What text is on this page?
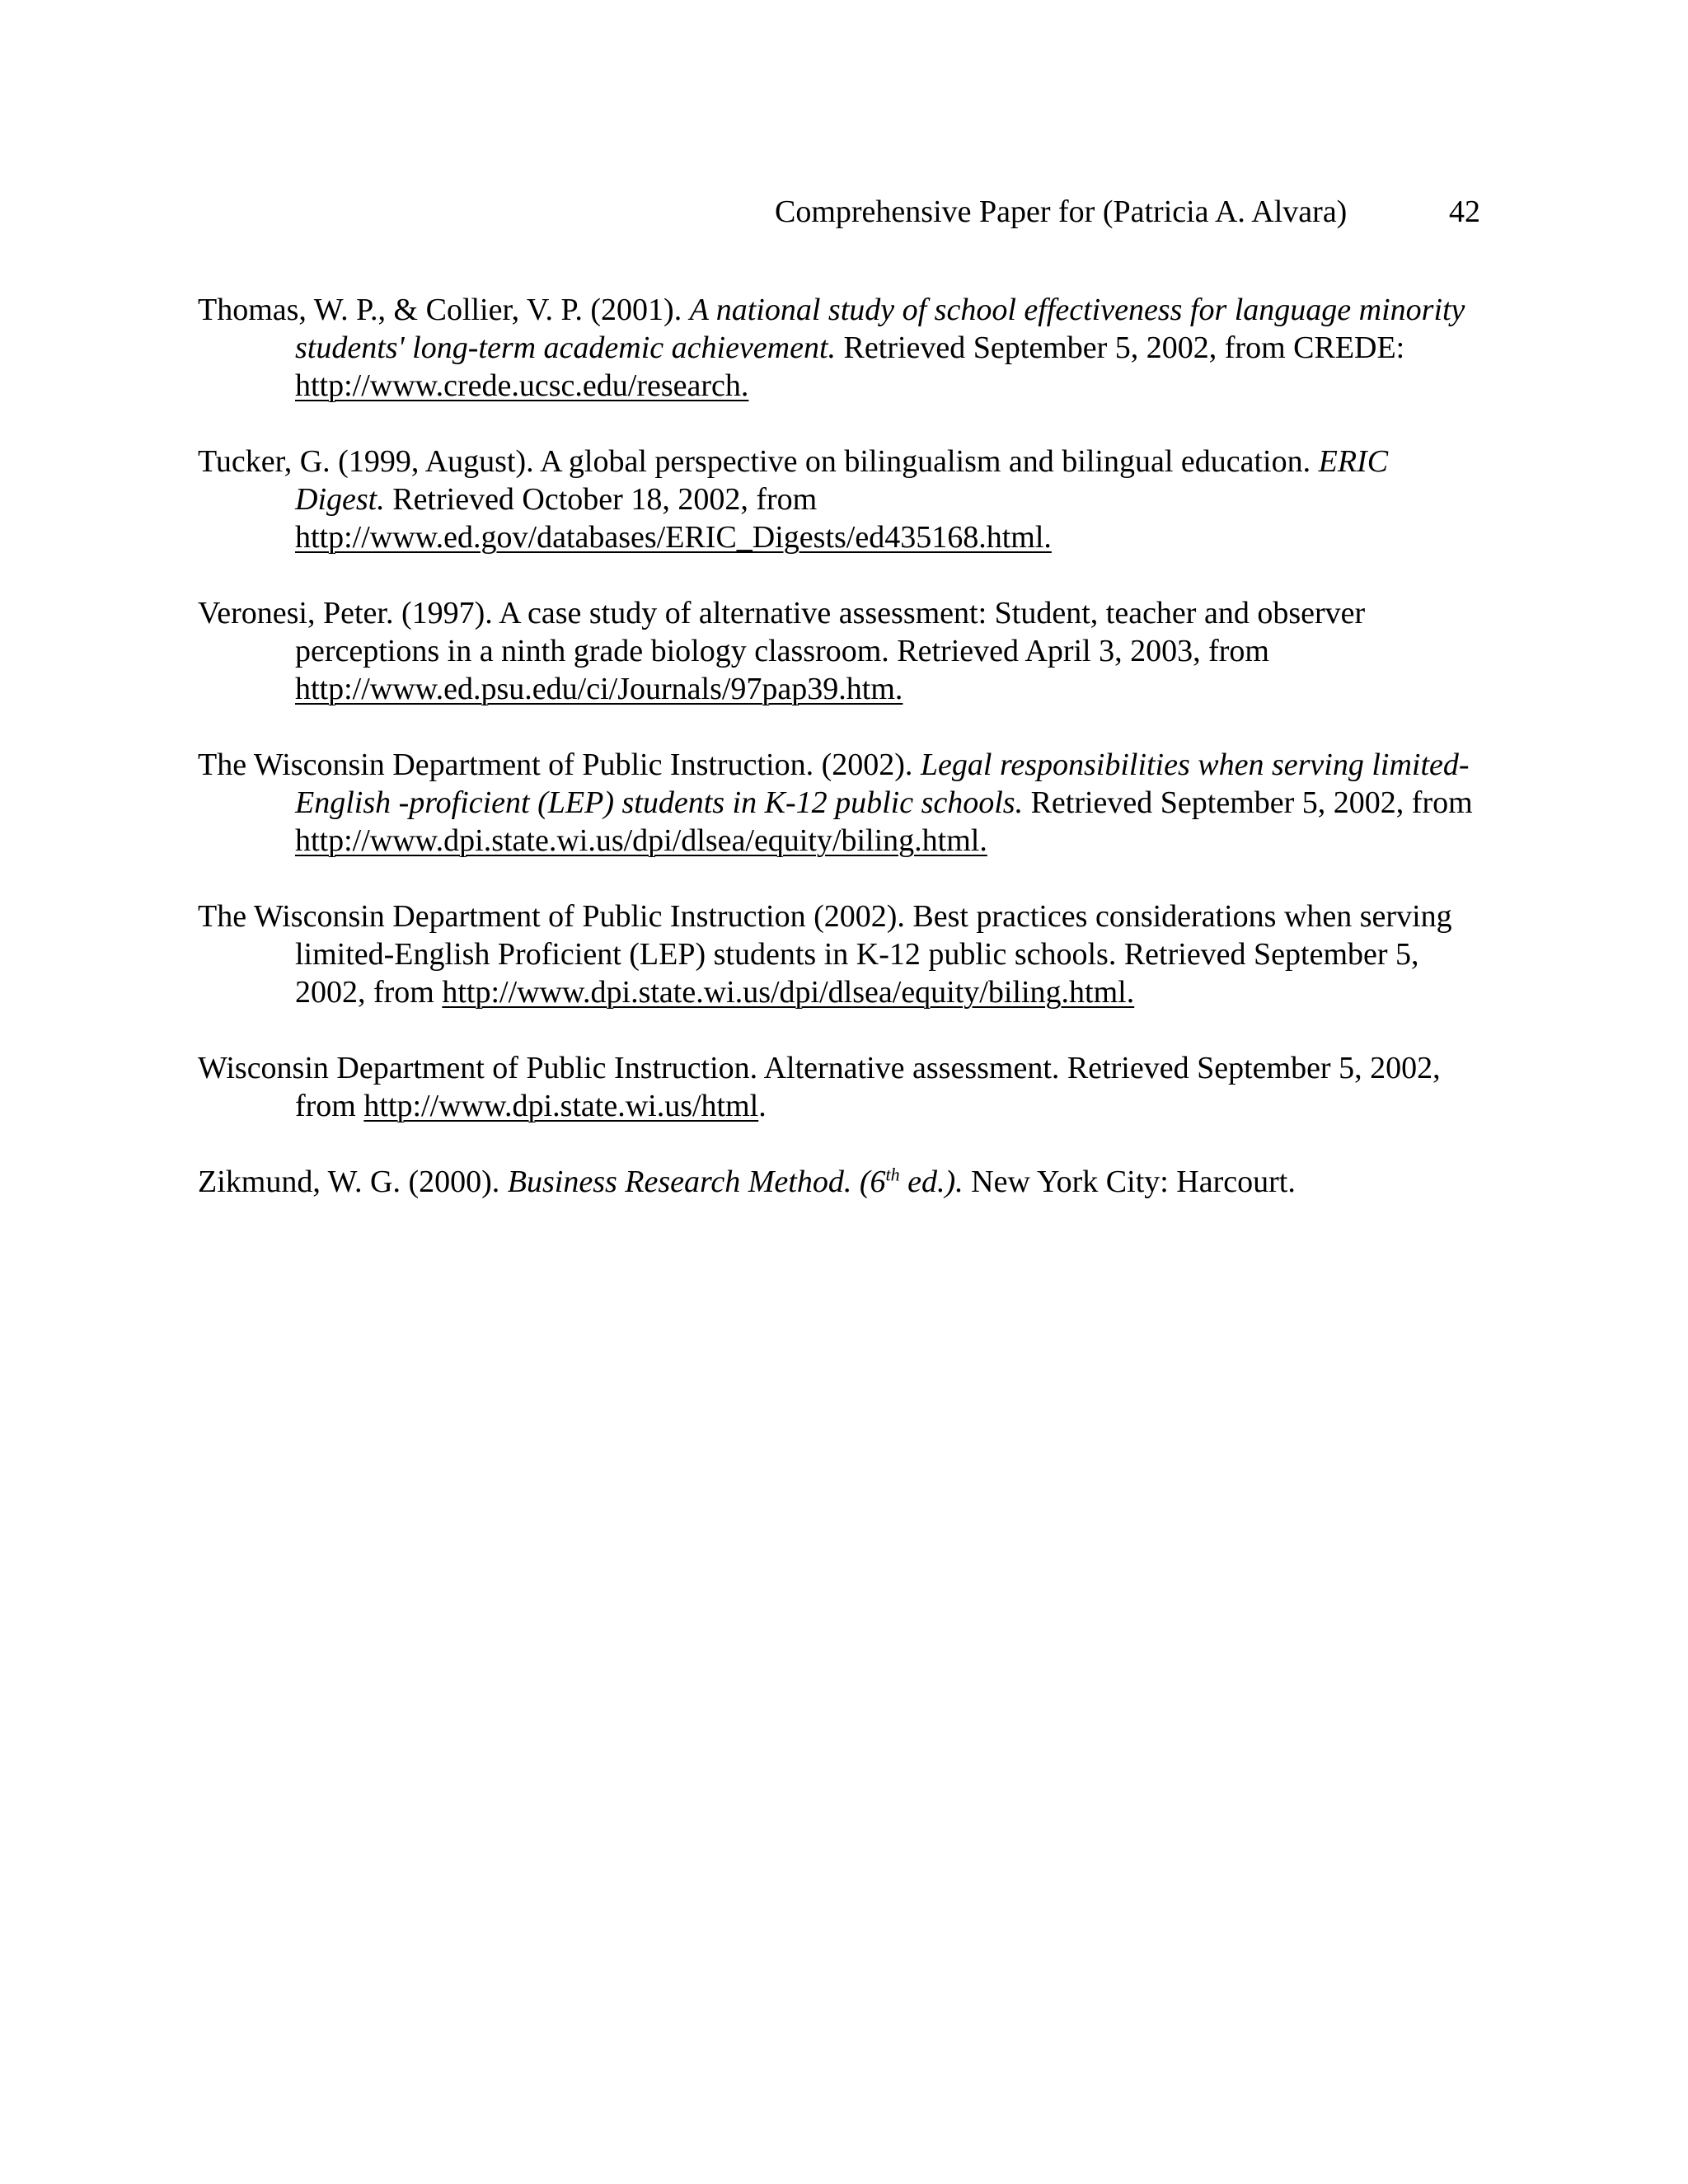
Comprehensive Paper for (Patricia A. Alvara)	42
Thomas, W. P., & Collier, V. P. (2001). A national study of school effectiveness for language minority students' long-term academic achievement. Retrieved September 5, 2002, from CREDE: http://www.crede.ucsc.edu/research.
Tucker, G. (1999, August). A global perspective on bilingualism and bilingual education. ERIC Digest. Retrieved October 18, 2002, from http://www.ed.gov/databases/ERIC_Digests/ed435168.html.
Veronesi, Peter. (1997). A case study of alternative assessment: Student, teacher and observer perceptions in a ninth grade biology classroom. Retrieved April 3, 2003, from http://www.ed.psu.edu/ci/Journals/97pap39.htm.
The Wisconsin Department of Public Instruction. (2002). Legal responsibilities when serving limited-English -proficient (LEP) students in K-12 public schools. Retrieved September 5, 2002, from http://www.dpi.state.wi.us/dpi/dlsea/equity/biling.html.
The Wisconsin Department of Public Instruction (2002). Best practices considerations when serving limited-English Proficient (LEP) students in K-12 public schools. Retrieved September 5, 2002, from http://www.dpi.state.wi.us/dpi/dlsea/equity/biling.html.
Wisconsin Department of Public Instruction. Alternative assessment. Retrieved September 5, 2002, from http://www.dpi.state.wi.us/html.
Zikmund, W. G. (2000). Business Research Method. (6th ed.). New York City: Harcourt.
